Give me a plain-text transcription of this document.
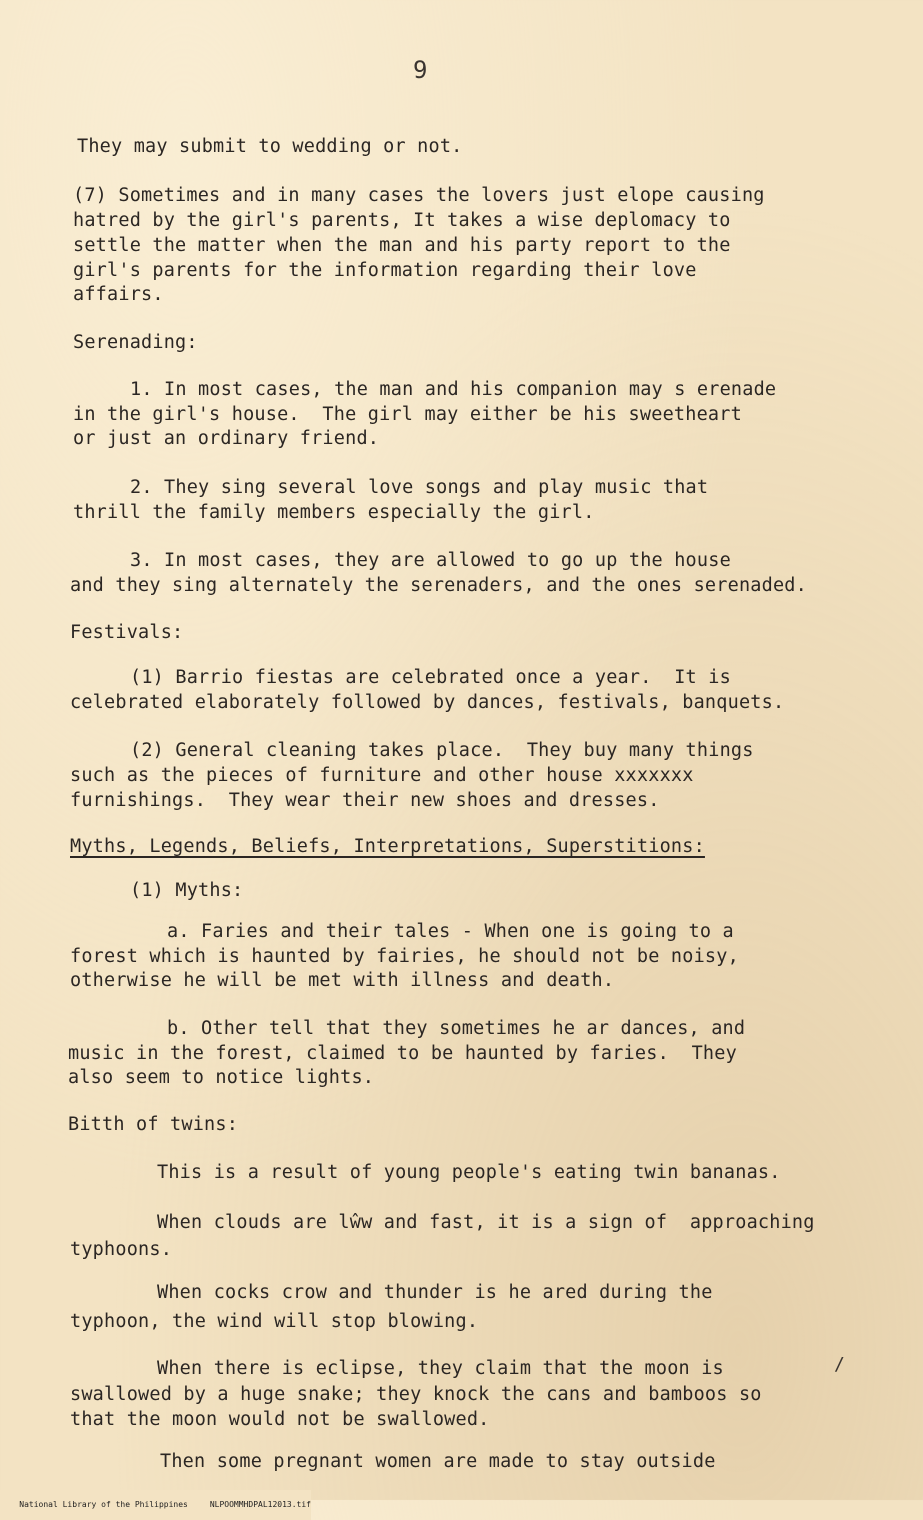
9
They may submit to wedding or not.
(7) Sometimes and in many cases the lovers just elope causing
hatred by the girl's parents, It takes a wise deplomacy to
settle the matter when the man and his party report to the
girl's parents for the information regarding their love
affairs.
Serenading:
1. In most cases, the man and his companion may s erenade
in the girl's house.  The girl may either be his sweetheart
or just an ordinary friend.
2. They sing several love songs and play music that
thrill the family members especially the girl.
3. In most cases, they are allowed to go up the house
and they sing alternately the serenaders, and the ones serenaded.
Festivals:
(1) Barrio fiestas are celebrated once a year.  It is
celebrated elaborately followed by dances, festivals, banquets.
(2) General cleaning takes place.  They buy many things
such as the pieces of furniture and other house xxxxxxx
furnishings.  They wear their new shoes and dresses.
Myths, Legends, Beliefs, Interpretations, Superstitions:
(1) Myths:
a. Faries and their tales - When one is going to a
forest which is haunted by fairies, he should not be noisy,
otherwise he will be met with illness and death.
b. Other tell that they sometimes he ar dances, and
music in the forest, claimed to be haunted by faries.  They
also seem to notice lights.
Bitth of twins:
This is a result of young people's eating twin bananas.
When clouds are lŵw and fast, it is a sign of  approaching
typhoons.
When cocks crow and thunder is he ared during the
typhoon, the wind will stop blowing.
When there is eclipse, they claim that the moon is
swallowed by a huge snake; they knock the cans and bamboos so
that the moon would not be swallowed.
Then some pregnant women are made to stay outside
/

National Library of the Philippines	NLPOOMMHDPAL12013.tif
